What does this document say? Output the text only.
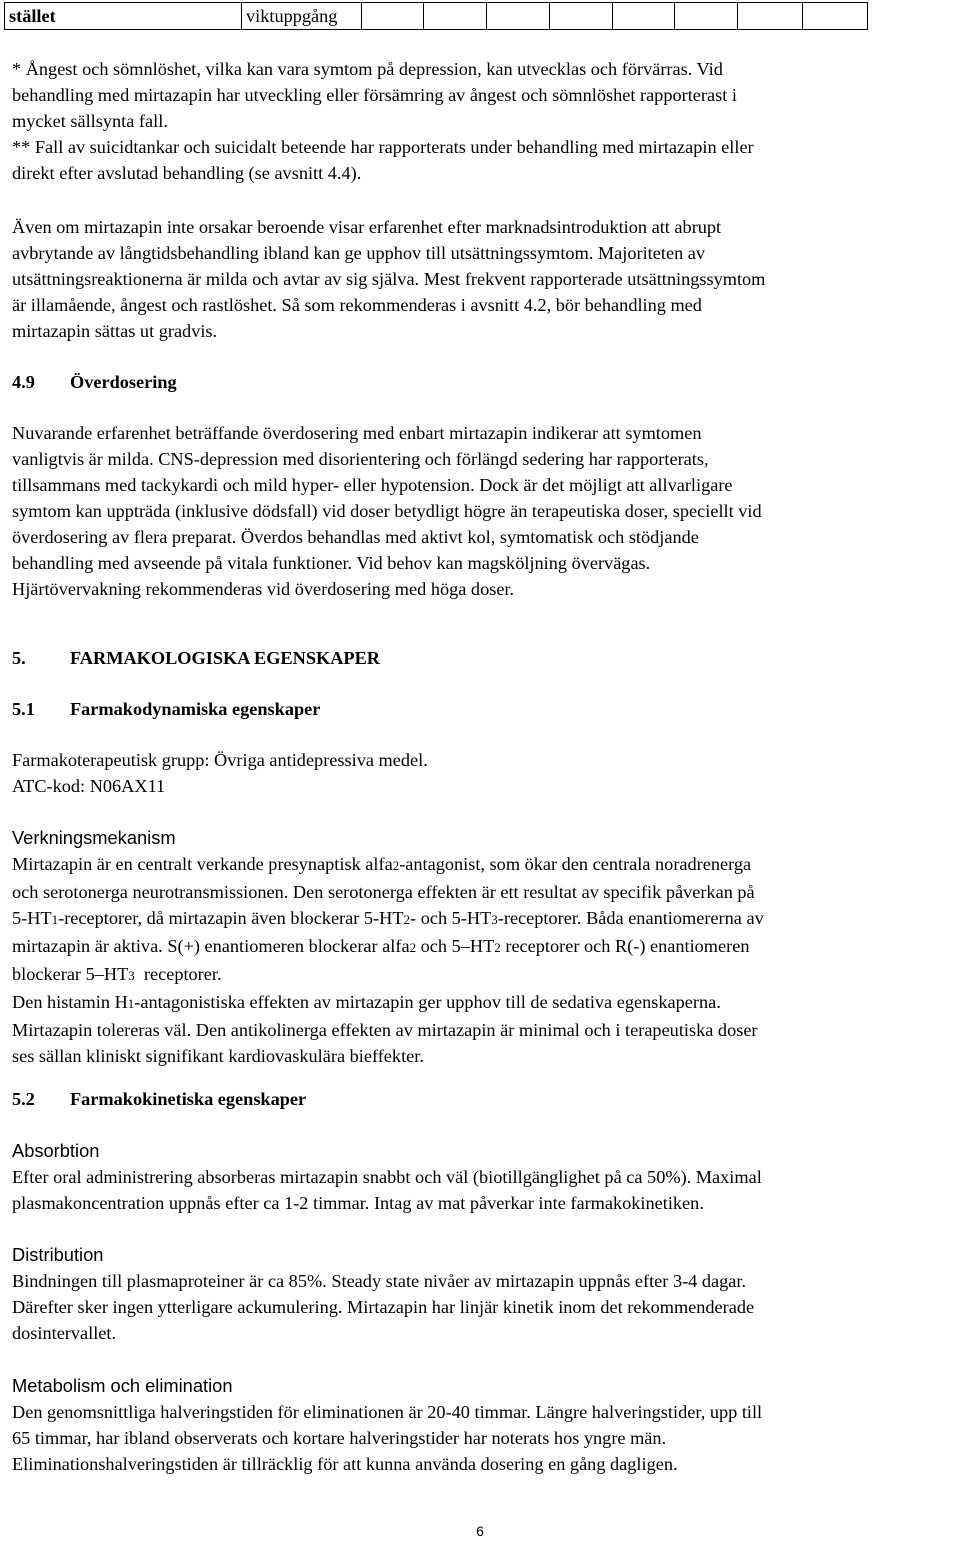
stället	viktuppgång								
* Ångest och sömnlöshet, vilka kan vara symtom på depression, kan utvecklas och förvärras. Vid
behandling med mirtazapin har utveckling eller försämring av ångest och sömnlöshet rapporterast i
mycket sällsynta fall.
** Fall av suicidtankar och suicidalt beteende har rapporterats under behandling med mirtazapin eller
direkt efter avslutad behandling (se avsnitt 4.4).
Även om mirtazapin inte orsakar beroende visar erfarenhet efter marknadsintroduktion att abrupt
avbrytande av långtidsbehandling ibland kan ge upphov till utsättningssymtom. Majoriteten av
utsättningsreaktionerna är milda och avtar av sig själva. Mest frekvent rapporterade utsättningssymtom
är illamående, ångest och rastlöshet. Så som rekommenderas i avsnitt 4.2, bör behandling med
mirtazapin sättas ut gradvis.
4.9 Överdosering
Nuvarande erfarenhet beträffande överdosering med enbart mirtazapin indikerar att symtomen
vanligtvis är milda. CNS-depression med disorientering och förlängd sedering har rapporterats,
tillsammans med tackykardi och mild hyper- eller hypotension. Dock är det möjligt att allvarligare
symtom kan uppträda (inklusive dödsfall) vid doser betydligt högre än terapeutiska doser, speciellt vid
överdosering av flera preparat. Överdos behandlas med aktivt kol, symtomatisk och stödjande
behandling med avseende på vitala funktioner. Vid behov kan magsköljning övervägas.
Hjärtövervakning rekommenderas vid överdosering med höga doser.
5. FARMAKOLOGISKA EGENSKAPER
5.1 Farmakodynamiska egenskaper
Farmakoterapeutisk grupp: Övriga antidepressiva medel.
ATC-kod: N06AX11
Verkningsmekanism
Mirtazapin är en centralt verkande presynaptisk alfa2-antagonist, som ökar den centrala noradrenerga
och serotonerga neurotransmissionen. Den serotonerga effekten är ett resultat av specifik påverkan på
5-HT1-receptorer, då mirtazapin även blockerar 5-HT2- och 5-HT3-receptorer. Båda enantiomererna av
mirtazapin är aktiva. S(+) enantiomeren blockerar alfa2 och 5–HT2 receptorer och R(-) enantiomeren
blockerar 5–HT3  receptorer.
Den histamin H1-antagonistiska effekten av mirtazapin ger upphov till de sedativa egenskaperna.
Mirtazapin tolereras väl. Den antikolinerga effekten av mirtazapin är minimal och i terapeutiska doser
ses sällan kliniskt signifikant kardiovaskulära bieffekter.
5.2 Farmakokinetiska egenskaper
Absorbtion
Efter oral administrering absorberas mirtazapin snabbt och väl (biotillgänglighet på ca 50%). Maximal
plasmakoncentration uppnås efter ca 1-2 timmar. Intag av mat påverkar inte farmakokinetiken.
Distribution
Bindningen till plasmaproteiner är ca 85%. Steady state nivåer av mirtazapin uppnås efter 3-4 dagar.
Därefter sker ingen ytterligare ackumulering. Mirtazapin har linjär kinetik inom det rekommenderade
dosintervallet.
Metabolism och elimination
Den genomsnittliga halveringstiden för eliminationen är 20-40 timmar. Längre halveringstider, upp till
65 timmar, har ibland observerats och kortare halveringstider har noterats hos yngre män.
Eliminationshalveringstiden är tillräcklig för att kunna använda dosering en gång dagligen.
6
